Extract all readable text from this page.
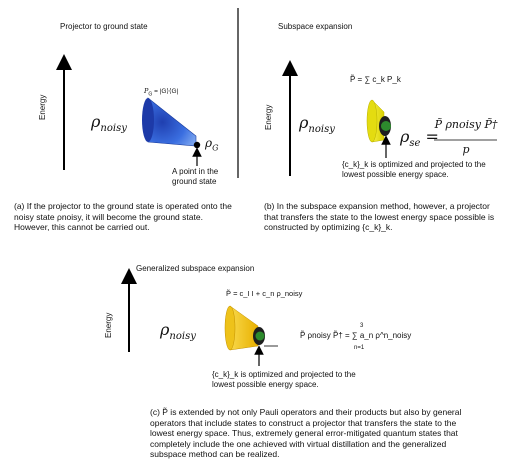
Projector to ground state
Energy
$\rho_{noisy}$
$P_G$ = |G⟩⟨G|
$\rho_G$
A point in the
ground state
(a) If the projector to the ground state is operated onto the noisy state ρnoisy, it will become the ground state. However, this cannot be carried out.
Subspace expansion
Energy $\rho_{noisy}$
P̃ = ∑ c_k P_k
$\rho_{se}$ =
P̃ ρnoisy P̃†
p
{c_k}_k is optimized and projected to the lowest possible energy space.
(b) In the subspace expansion method, however, a projector that transfers the state to the lowest energy space possible is constructed by optimizing {c_k}_k.
Generalized subspace expansion
Energy	$\rho_{noisy}$
P̃ = c_I I + c_n ρ_noisy
P̃ ρnoisy P̃† = ∑ a_n ρ^n_noisy
3
n=1
{c_k}_k is optimized and projected to the lowest possible energy space.
(c) P̃ is extended by not only Pauli operators and their products but also by general operators that include states to construct a projector that transfers the state to the lowest energy space. Thus, extremely general error-mitigated quantum states that completely include the one achieved with virtual distillation and the generalized subspace method can be realized.
